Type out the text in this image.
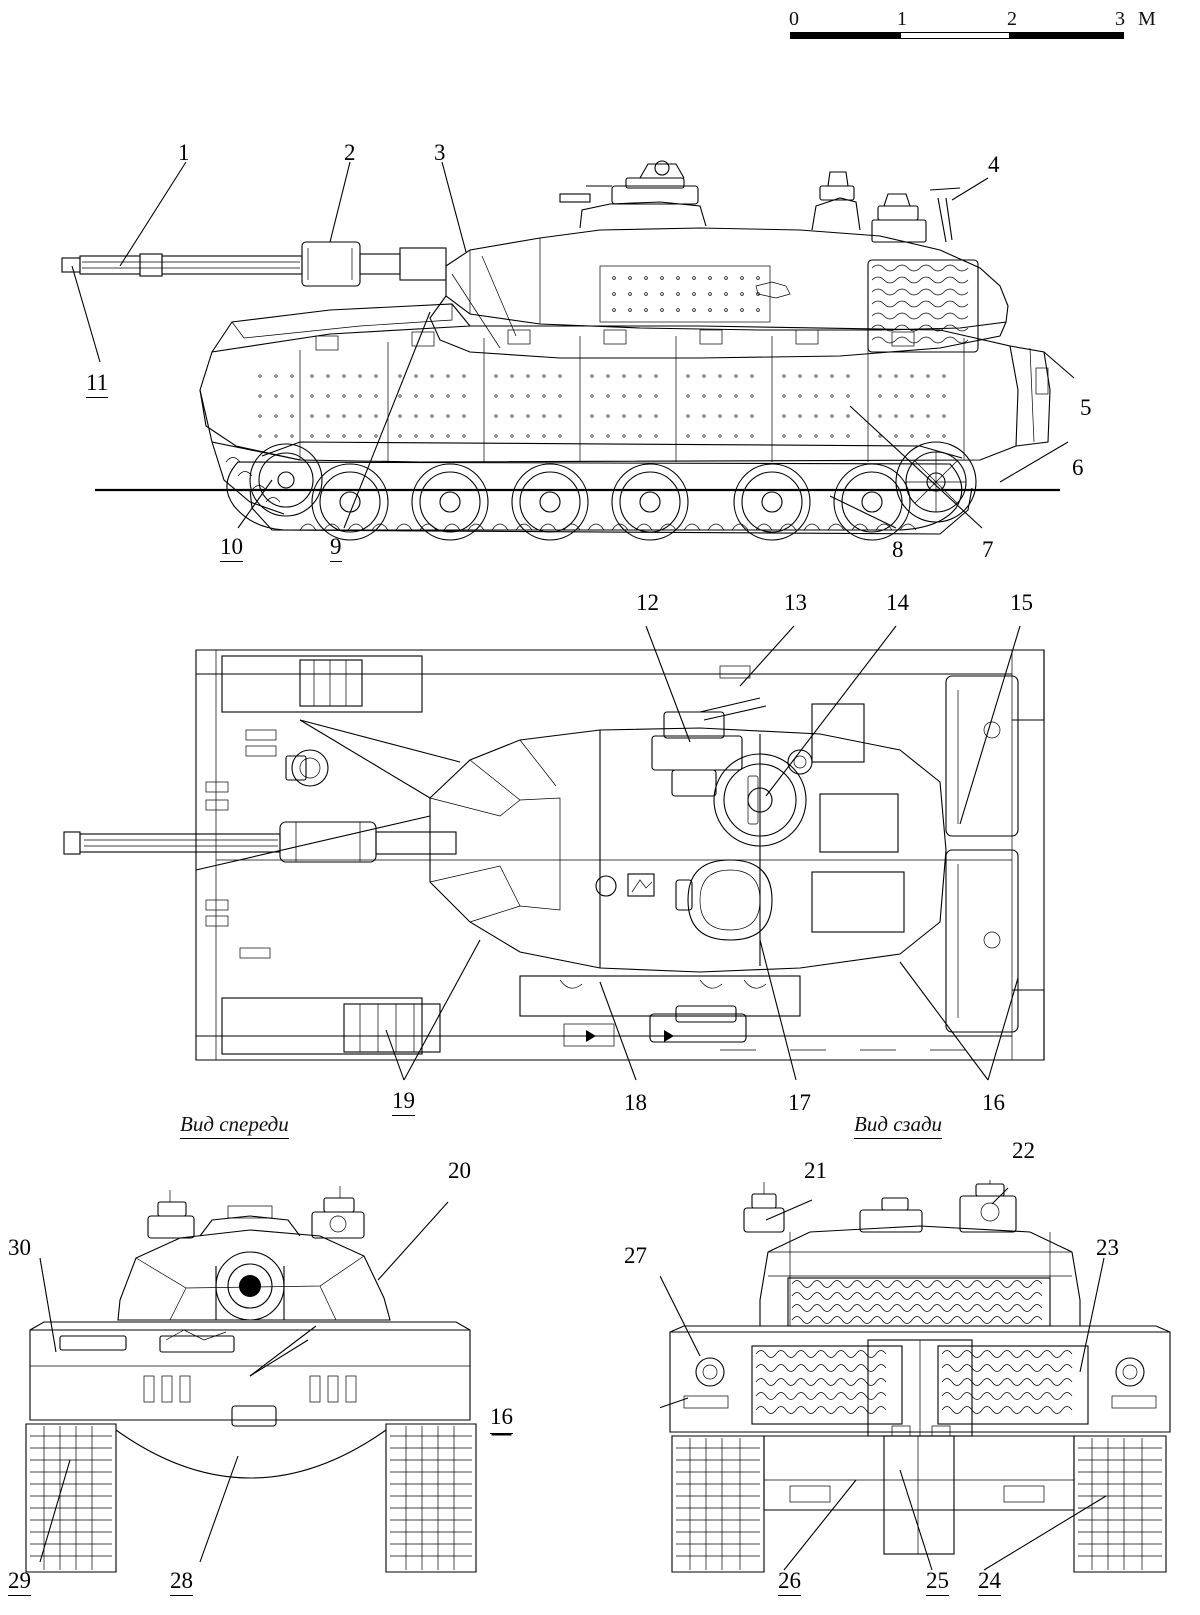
0	1	2	3 М
1	2	3	4
5
6
7
8
9
10
11
12	13	14	15
16
17
18
19
Вид спереди	Вид сзади
20
30
29	28
21
22
23
27
16
26	25 24
